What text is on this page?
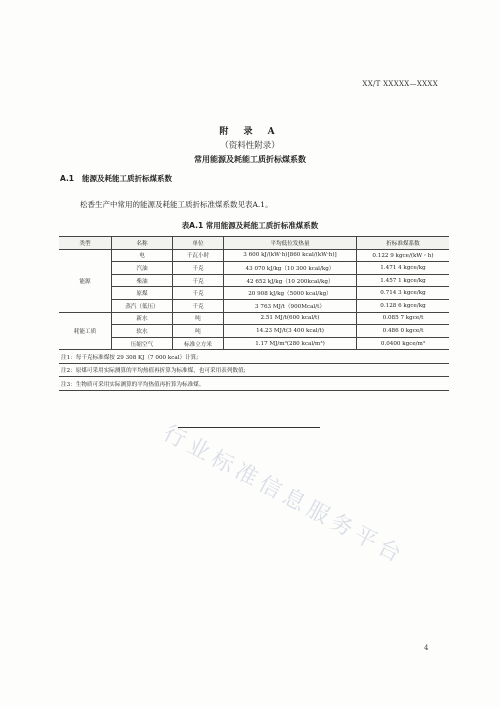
XX/T XXXXX—XXXX
附 录 A
（资料性附录）
常用能源及耗能工质折标煤系数
A.1 能源及耗能工质折标煤系数
松香生产中常用的能源及耗能工质折标准煤系数见表A.1。
表A.1 常用能源及耗能工质折标准煤系数
类型	名称	单位	平均低位发热量	折标准煤系数
能源	电	千瓦小时	3 600 kJ/(kW·h)[860 kcal/(kW·h)]	0.122 9 kgce/(kW・h)
	汽油	千克	43 070 kJ/kg（10 300 kcal/kg）	1.471 4 kgce/kg
	柴油	千克	42 652 kJ/kg（10 200kcal/kg）	1.457 1 kgce/kg
	原煤	千克	20 908 kJ/kg（5000 kcal/kg）	0.714 3 kgce/kg
	蒸汽（低压）	千克	3 763 MJ/t（900Mcal/t）	0.128 6 kgce/kg
耗能工质	新水	吨	2.51 MJ/t(600 kcal/t)	0.085 7 kgce/t
	软水	吨	14.23 MJ/t(3 400 kcal/t)	0.486 0 kgce/t
	压缩空气	标准立方米	1.17 MJ/m³(280 kcal/m³)	0.0400 kgce/m³
注1：每千克标准煤按 29 308 KJ（7 000 kcal）计算;				
注2：原煤可采用实际测算的平均热值再折算为标准煤，也可采用表列数值;				
注3：生物质可采用实际测算的平均热值再折算为标准煤。				
行业标准信息服务平台
4
